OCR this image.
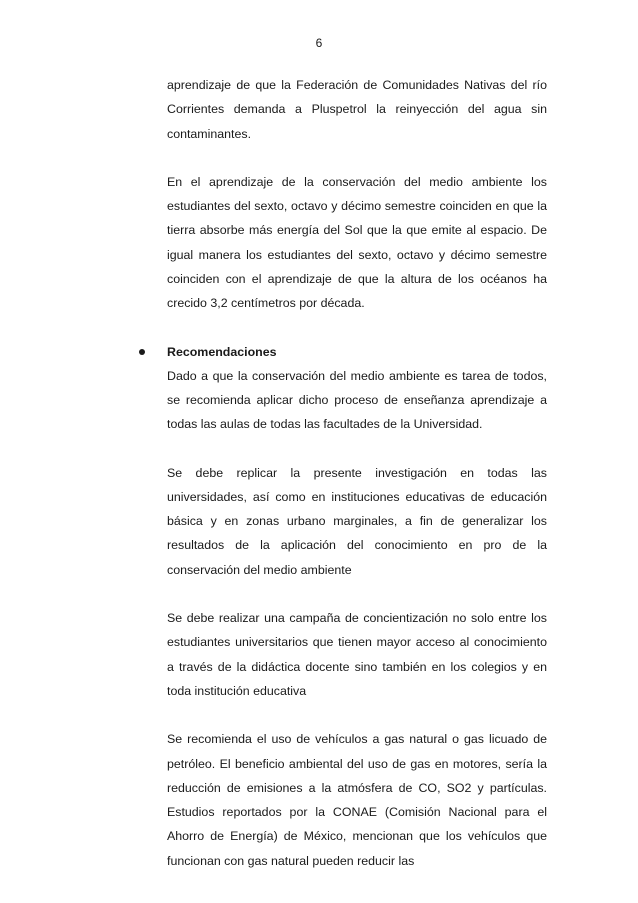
6

aprendizaje de que la Federación de Comunidades Nativas del río Corrientes demanda a Pluspetrol la reinyección del agua sin contaminantes.

En el aprendizaje de la conservación del medio ambiente los estudiantes del sexto, octavo y décimo semestre coinciden en que la tierra absorbe más energía del Sol que la que emite al espacio. De igual manera los estudiantes del sexto, octavo y décimo semestre coinciden con el aprendizaje de que la altura de los océanos ha crecido 3,2 centímetros por década.

Recomendaciones

Dado a que la conservación del medio ambiente es tarea de todos, se recomienda aplicar dicho proceso de enseñanza aprendizaje a todas las aulas de todas las facultades de la Universidad.

Se debe replicar la presente investigación en todas las universidades, así como en instituciones educativas de educación básica y en zonas urbano marginales, a fin de generalizar los resultados de la aplicación del conocimiento en pro de la conservación del medio ambiente

Se debe realizar una campaña de concientización no solo entre los estudiantes universitarios que tienen mayor acceso al conocimiento a través de la didáctica docente sino también en los colegios y en toda institución educativa

Se recomienda el uso de vehículos a gas natural o gas licuado de petróleo. El beneficio ambiental del uso de gas en motores, sería la reducción de emisiones a la atmósfera de CO, SO2 y partículas. Estudios reportados por la CONAE (Comisión Nacional para el Ahorro de Energía) de México, mencionan que los vehículos que funcionan con gas natural pueden reducir las
